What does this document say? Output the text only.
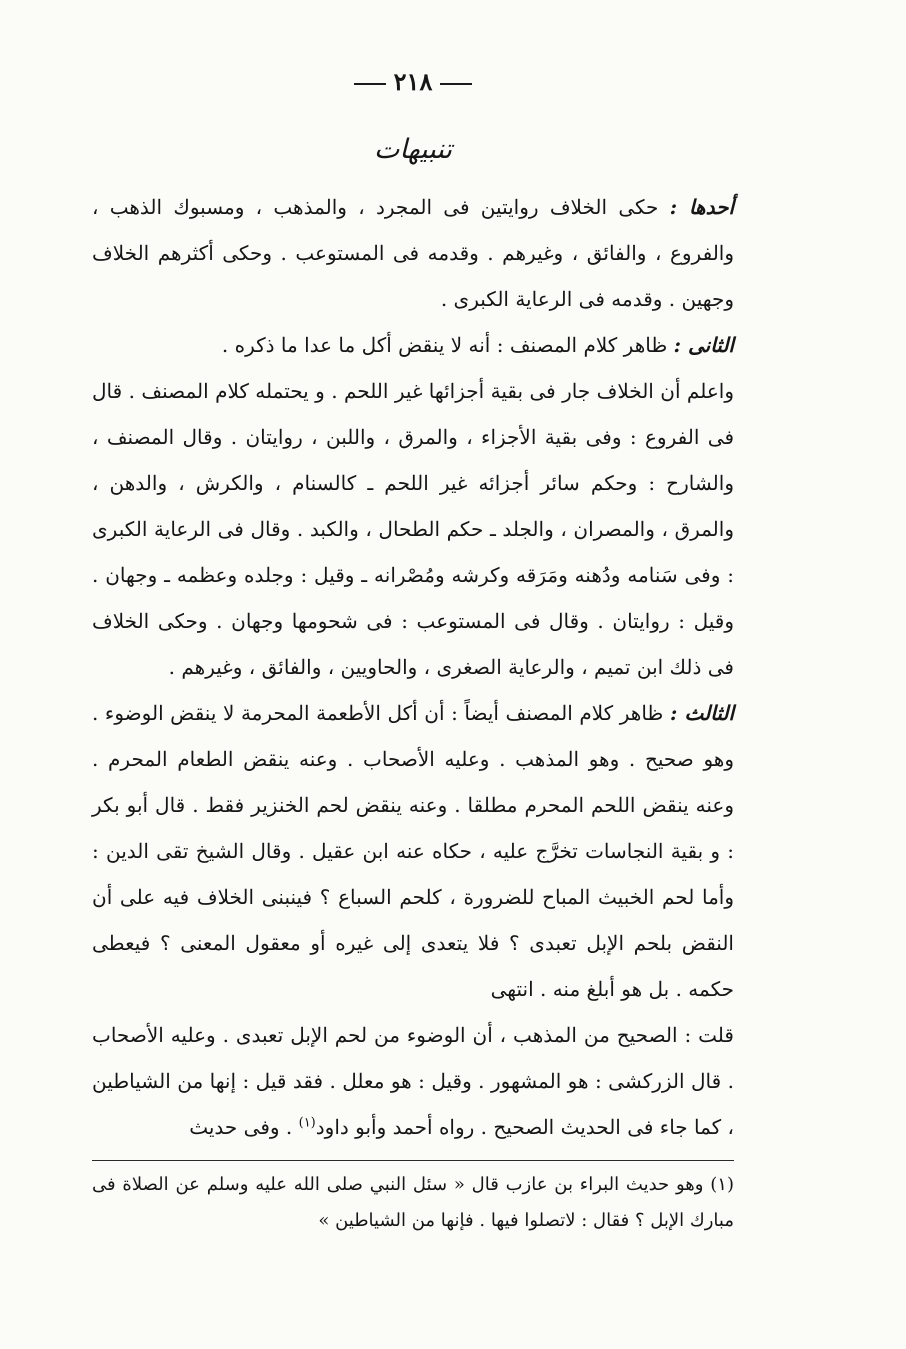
٢١٨
تنبيهات

أحدها : حكى الخلاف روايتين فى المجرد ، والمذهب ، ومسبوك الذهب ، والفروع ، والفائق ، وغيرهم . وقدمه فى المستوعب . وحكى أكثرهم الخلاف وجهين . وقدمه فى الرعاية الكبرى .

الثانى : ظاهر كلام المصنف : أنه لا ينقض أكل ما عدا ما ذكره .

واعلم أن الخلاف جار فى بقية أجزائها غير اللحم . و يحتمله كلام المصنف . قال فى الفروع : وفى بقية الأجزاء ، والمرق ، واللبن ، روايتان . وقال المصنف ، والشارح : وحكم سائر أجزائه غير اللحم ـ كالسنام ، والكرش ، والدهن ، والمرق ، والمصران ، والجلد ـ حكم الطحال ، والكبد . وقال فى الرعاية الكبرى : وفى سَنامه ودُهنه ومَرَقه وكرشه ومُصْرانه ـ وقيل : وجلده وعظمه ـ وجهان . وقيل : روايتان . وقال فى المستوعب : فى شحومها وجهان . وحكى الخلاف فى ذلك ابن تميم ، والرعاية الصغرى ، والحاويين ، والفائق ، وغيرهم .

الثالث : ظاهر كلام المصنف أيضاً : أن أكل الأطعمة المحرمة لا ينقض الوضوء . وهو صحيح . وهو المذهب . وعليه الأصحاب . وعنه ينقض الطعام المحرم . وعنه ينقض اللحم المحرم مطلقا . وعنه ينقض لحم الخنزير فقط . قال أبو بكر : و بقية النجاسات تخرَّج عليه ، حكاه عنه ابن عقيل . وقال الشيخ تقى الدين : وأما لحم الخبيث المباح للضرورة ، كلحم السباع ؟ فينبنى الخلاف فيه على أن النقض بلحم الإبل تعبدى ؟ فلا يتعدى إلى غيره أو معقول المعنى ؟ فيعطى حكمه . بل هو أبلغ منه . انتهى

قلت : الصحيح من المذهب ، أن الوضوء من لحم الإبل تعبدى . وعليه الأصحاب . قال الزركشى : هو المشهور . وقيل : هو معلل . فقد قيل : إنها من الشياطين ، كما جاء فى الحديث الصحيح . رواه أحمد وأبو داود$^{(١)}$ . وفى حديث

(١) وهو حديث البراء بن عازب قال « سئل النبي صلى الله عليه وسلم عن الصلاة فى مبارك الإبل ؟ فقال : لاتصلوا فيها . فإنها من الشياطين »
